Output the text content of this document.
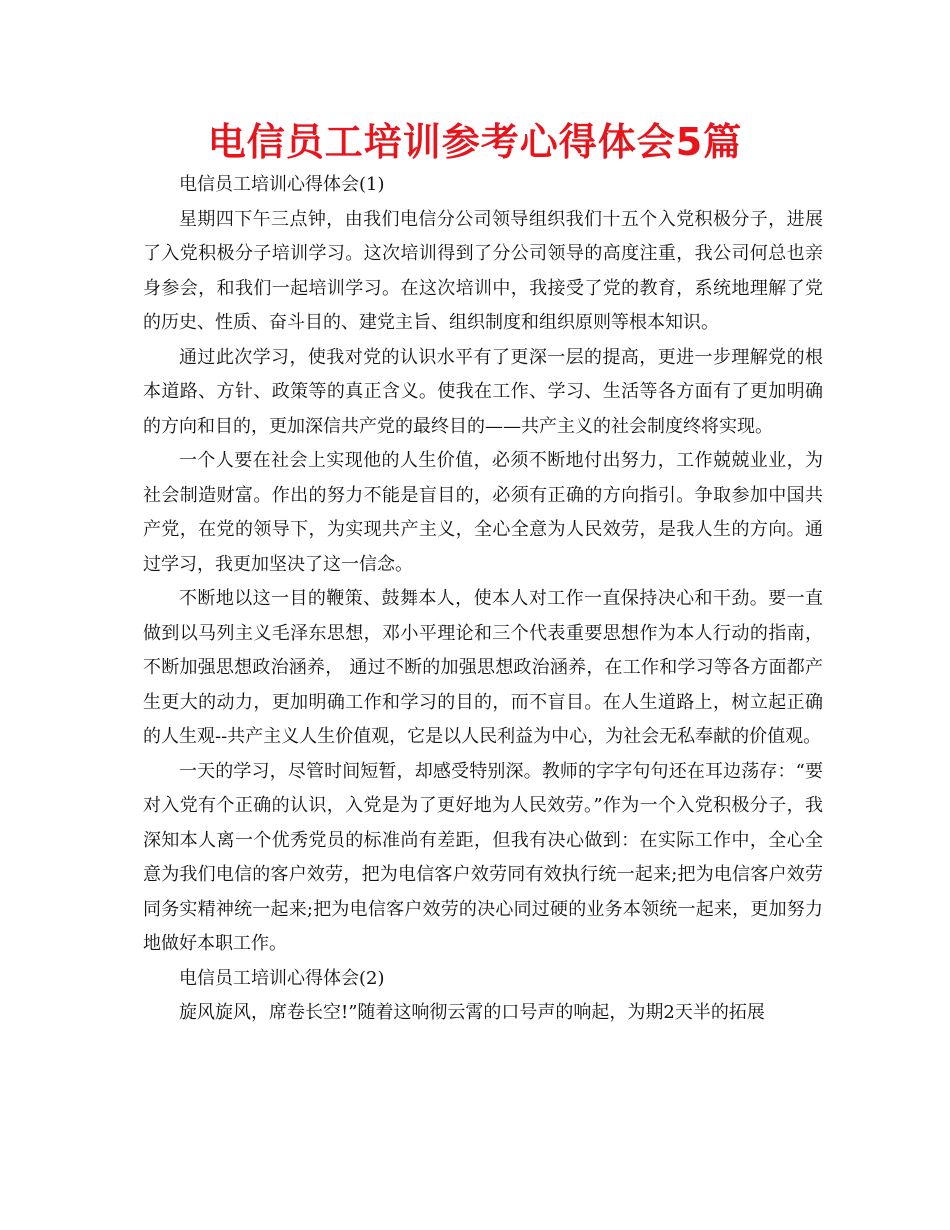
电信员工培训参考心得体会5篇

电信员工培训心得体会(1)

星期四下午三点钟，由我们电信分公司领导组织我们十五个入党积极分子，进展了入党积极分子培训学习。这次培训得到了分公司领导的高度注重，我公司何总也亲身参会，和我们一起培训学习。在这次培训中，我接受了党的教育，系统地理解了党的历史、性质、奋斗目的、建党主旨、组织制度和组织原则等根本知识。

通过此次学习，使我对党的认识水平有了更深一层的提高，更进一步理解党的根本道路、方针、政策等的真正含义。使我在工作、学习、生活等各方面有了更加明确的方向和目的，更加深信共产党的最终目的——共产主义的社会制度终将实现。

一个人要在社会上实现他的人生价值，必须不断地付出努力，工作兢兢业业，为社会制造财富。作出的努力不能是盲目的，必须有正确的方向指引。争取参加中国共产党，在党的领导下，为实现共产主义，全心全意为人民效劳，是我人生的方向。通过学习，我更加坚决了这一信念。

不断地以这一目的鞭策、鼓舞本人，使本人对工作一直保持决心和干劲。要一直做到以马列主义毛泽东思想，邓小平理论和三个代表重要思想作为本人行动的指南，不断加强思想政治涵养， 通过不断的加强思想政治涵养，在工作和学习等各方面都产生更大的动力，更加明确工作和学习的目的，而不盲目。在人生道路上，树立起正确的人生观--共产主义人生价值观，它是以人民利益为中心，为社会无私奉献的价值观。

一天的学习，尽管时间短暂，却感受特别深。教师的字字句句还在耳边荡存：“要对入党有个正确的认识，入党是为了更好地为人民效劳。”作为一个入党积极分子，我深知本人离一个优秀党员的标准尚有差距，但我有决心做到：在实际工作中，全心全意为我们电信的客户效劳，把为电信客户效劳同有效执行统一起来;把为电信客户效劳同务实精神统一起来;把为电信客户效劳的决心同过硬的业务本领统一起来，更加努力地做好本职工作。

电信员工培训心得体会(2)

旋风旋风，席卷长空!”随着这响彻云霄的口号声的响起，为期2天半的拓展
